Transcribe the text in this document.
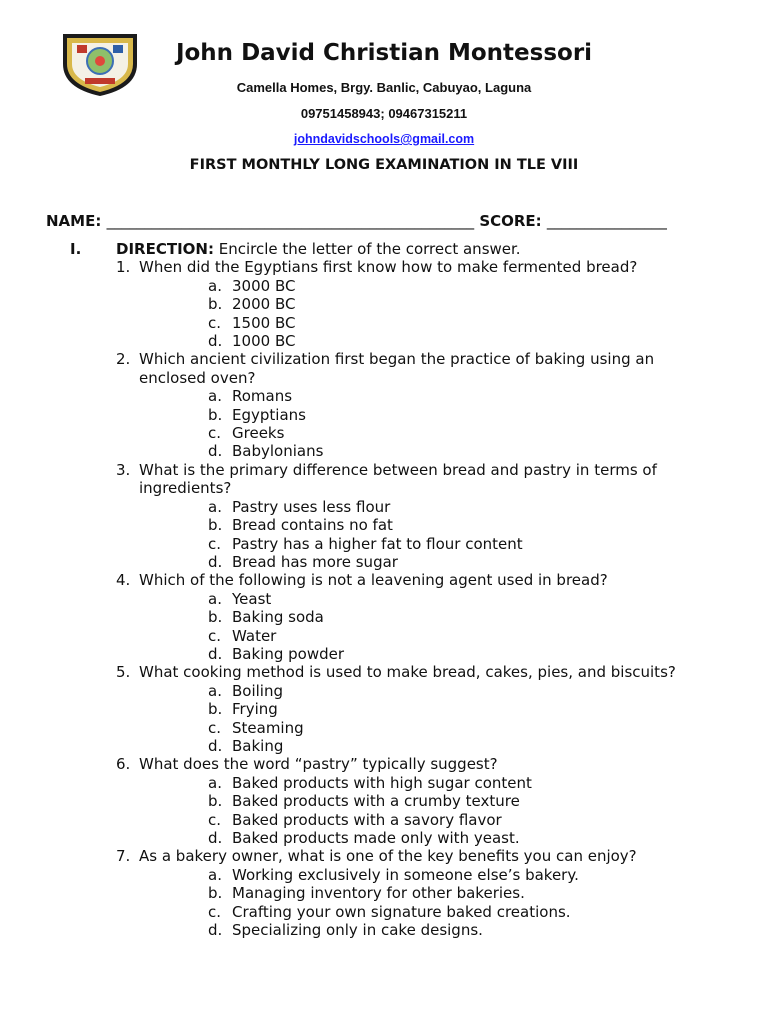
John David Christian Montessori
Camella Homes, Brgy. Banlic, Cabuyao, Laguna
09751458943; 09467315211
johndavidschools@gmail.com
FIRST MONTHLY LONG EXAMINATION IN TLE VIII
NAME: _________________________________________________ SCORE: ________________
I.	DIRECTION: Encircle the letter of the correct answer.
1. When did the Egyptians first know how to make fermented bread?
a. 3000 BC
b. 2000 BC
c. 1500 BC
d. 1000 BC
2. Which ancient civilization first began the practice of baking using an enclosed oven?
a. Romans
b. Egyptians
c. Greeks
d. Babylonians
3. What is the primary difference between bread and pastry in terms of ingredients?
a. Pastry uses less flour
b. Bread contains no fat
c. Pastry has a higher fat to flour content
d. Bread has more sugar
4. Which of the following is not a leavening agent used in bread?
a. Yeast
b. Baking soda
c. Water
d. Baking powder
5. What cooking method is used to make bread, cakes, pies, and biscuits?
a. Boiling
b. Frying
c. Steaming
d. Baking
6. What does the word “pastry” typically suggest?
a. Baked products with high sugar content
b. Baked products with a crumby texture
c. Baked products with a savory flavor
d. Baked products made only with yeast.
7. As a bakery owner, what is one of the key benefits you can enjoy?
a. Working exclusively in someone else’s bakery.
b. Managing inventory for other bakeries.
c. Crafting your own signature baked creations.
d. Specializing only in cake designs.
